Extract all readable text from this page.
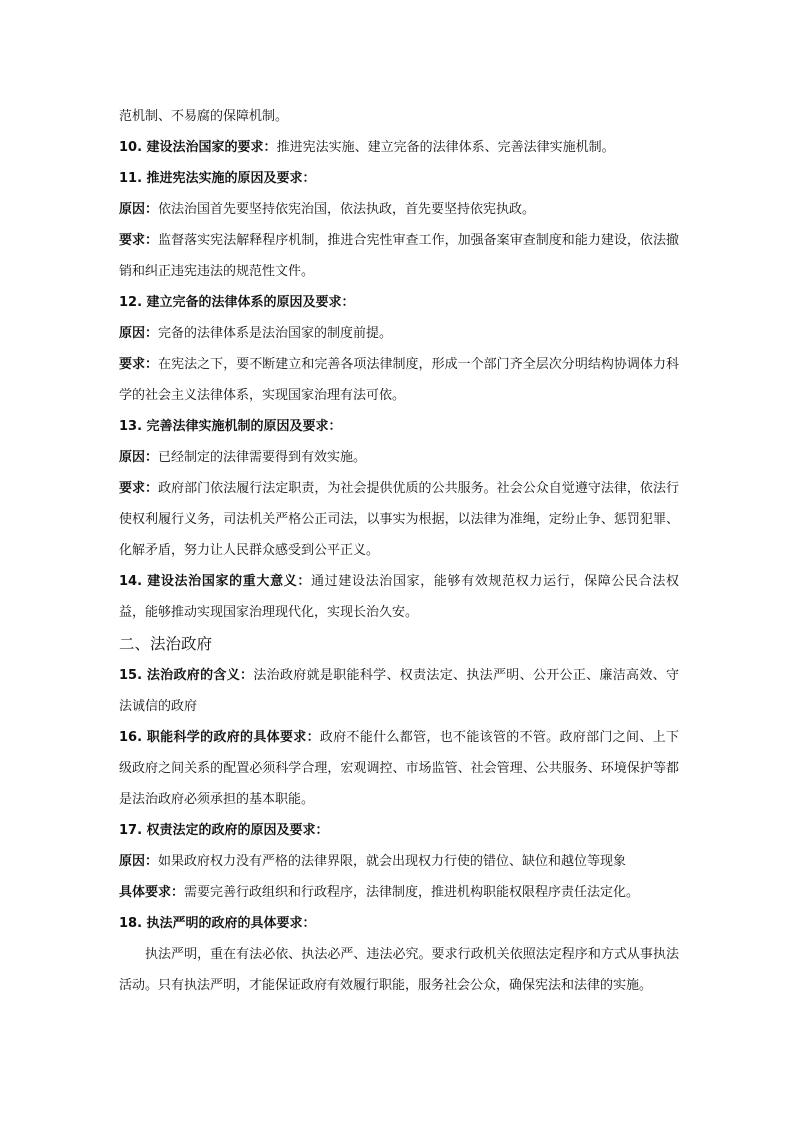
范机制、不易腐的保障机制。

10. 建设法治国家的要求：推进宪法实施、建立完备的法律体系、完善法律实施机制。

11. 推进宪法实施的原因及要求：

原因：依法治国首先要坚持依宪治国，依法执政，首先要坚持依宪执政。

要求：监督落实宪法解释程序机制，推进合宪性审查工作，加强备案审查制度和能力建设，依法撤销和纠正违宪违法的规范性文件。

12. 建立完备的法律体系的原因及要求：

原因：完备的法律体系是法治国家的制度前提。

要求：在宪法之下，要不断建立和完善各项法律制度，形成一个部门齐全层次分明结构协调体力科学的社会主义法律体系，实现国家治理有法可依。

13. 完善法律实施机制的原因及要求：

原因：已经制定的法律需要得到有效实施。

要求：政府部门依法履行法定职责，为社会提供优质的公共服务。社会公众自觉遵守法律，依法行使权利履行义务，司法机关严格公正司法，以事实为根据，以法律为准绳，定纷止争、惩罚犯罪、化解矛盾，努力让人民群众感受到公平正义。

14. 建设法治国家的重大意义：通过建设法治国家，能够有效规范权力运行，保障公民合法权益，能够推动实现国家治理现代化，实现长治久安。

二、法治政府

15. 法治政府的含义：法治政府就是职能科学、权责法定、执法严明、公开公正、廉洁高效、守法诚信的政府

16. 职能科学的政府的具体要求：政府不能什么都管，也不能该管的不管。政府部门之间、上下级政府之间关系的配置必须科学合理，宏观调控、市场监管、社会管理、公共服务、环境保护等都是法治政府必须承担的基本职能。

17. 权责法定的政府的原因及要求：

原因：如果政府权力没有严格的法律界限，就会出现权力行使的错位、缺位和越位等现象

具体要求：需要完善行政组织和行政程序，法律制度，推进机构职能权限程序责任法定化。

18. 执法严明的政府的具体要求：

执法严明，重在有法必依、执法必严、违法必究。要求行政机关依照法定程序和方式从事执法活动。只有执法严明，才能保证政府有效履行职能，服务社会公众，确保宪法和法律的实施。
